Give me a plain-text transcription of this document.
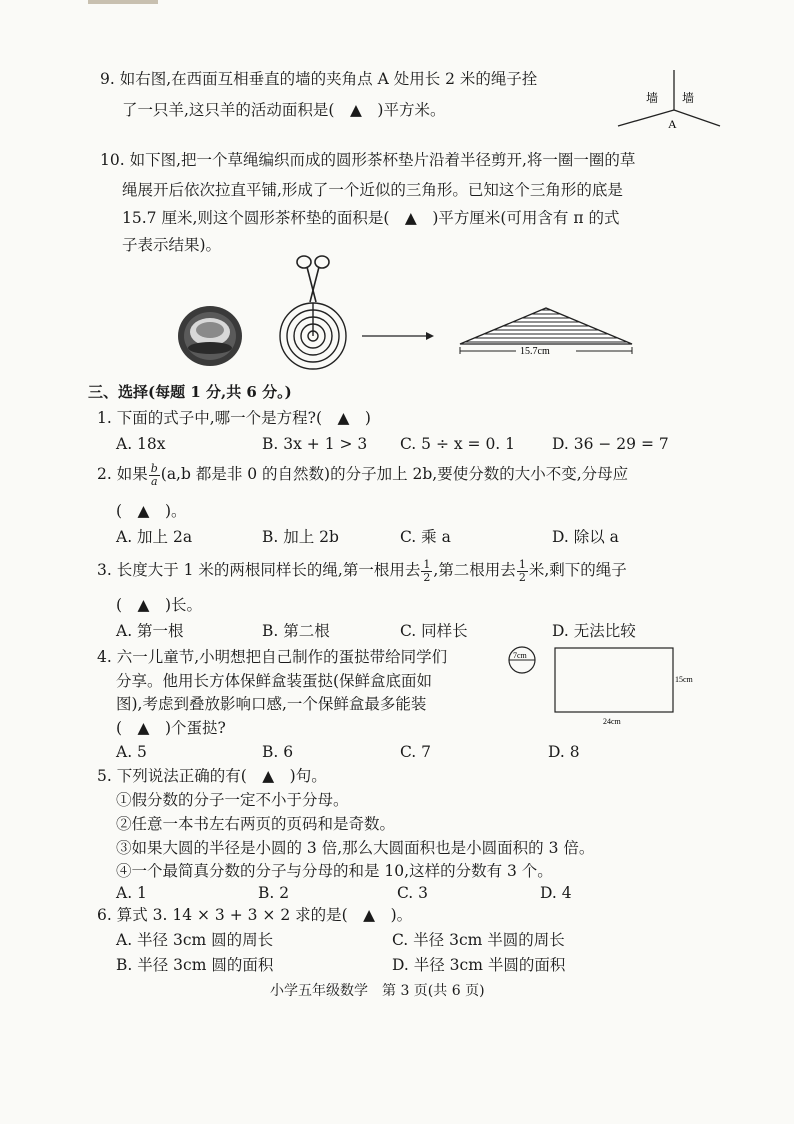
9. 如右图,在西面互相垂直的墙的夹角点 A 处用长 2 米的绳子拴
了一只羊,这只羊的活动面积是(　▲　)平方米。
墙 墙
A
10. 如下图,把一个草绳编织而成的圆形茶杯垫片沿着半径剪开,将一圈一圈的草
绳展开后依次拉直平铺,形成了一个近似的三角形。已知这个三角形的底是
15.7 厘米,则这个圆形茶杯垫的面积是(　▲　)平方厘米(可用含有 π 的式
子表示结果)。
15.7cm
三、选择(每题 1 分,共 6 分。)
1. 下面的式子中,哪一个是方程?(　▲　)
A. 18x	B. 3x + 1 > 3 C. 5 ÷ x = 0. 1 D. 36 − 29 = 7
2. 如果 $\frac{b}{a} (a,b$ 都是非 0 的自然数)的分子加上 2b,要使分数的大小不变,分母应
(　▲　)。
A. 加上 2a	B. 加上 2b	C. 乘 a	D. 除以 a
3. 长度大于 1 米的两根同样长的绳,第一根用去 $\frac{1}{2}$ ,第二根用去 $\frac{1}{2}$ 米,剩下的绳子
(　▲　)长。
A. 第一根	B. 第二根	C. 同样长	D. 无法比较
4. 六一儿童节,小明想把自己制作的蛋挞带给同学们
分享。他用长方体保鲜盒装蛋挞(保鲜盒底面如
图),考虑到叠放影响口感,一个保鲜盒最多能装
(　▲　)个蛋挞?
7cm
15cm
24cm
A. 5	B. 6	C. 7	D. 8
5. 下列说法正确的有(　▲　)句。
①假分数的分子一定不小于分母。
②任意一本书左右两页的页码和是奇数。
③如果大圆的半径是小圆的 3 倍,那么大圆面积也是小圆面积的 3 倍。
④一个最简真分数的分子与分母的和是 10,这样的分数有 3 个。
A. 1	B. 2	C. 3	D. 4
6. 算式 3. 14 × 3 + 3 × 2 求的是(　▲　)。
A. 半径 3cm 圆的周长	C. 半径 3cm 半圆的周长
B. 半径 3cm 圆的面积	D. 半径 3cm 半圆的面积
小学五年级数学　第 3 页(共 6 页)
